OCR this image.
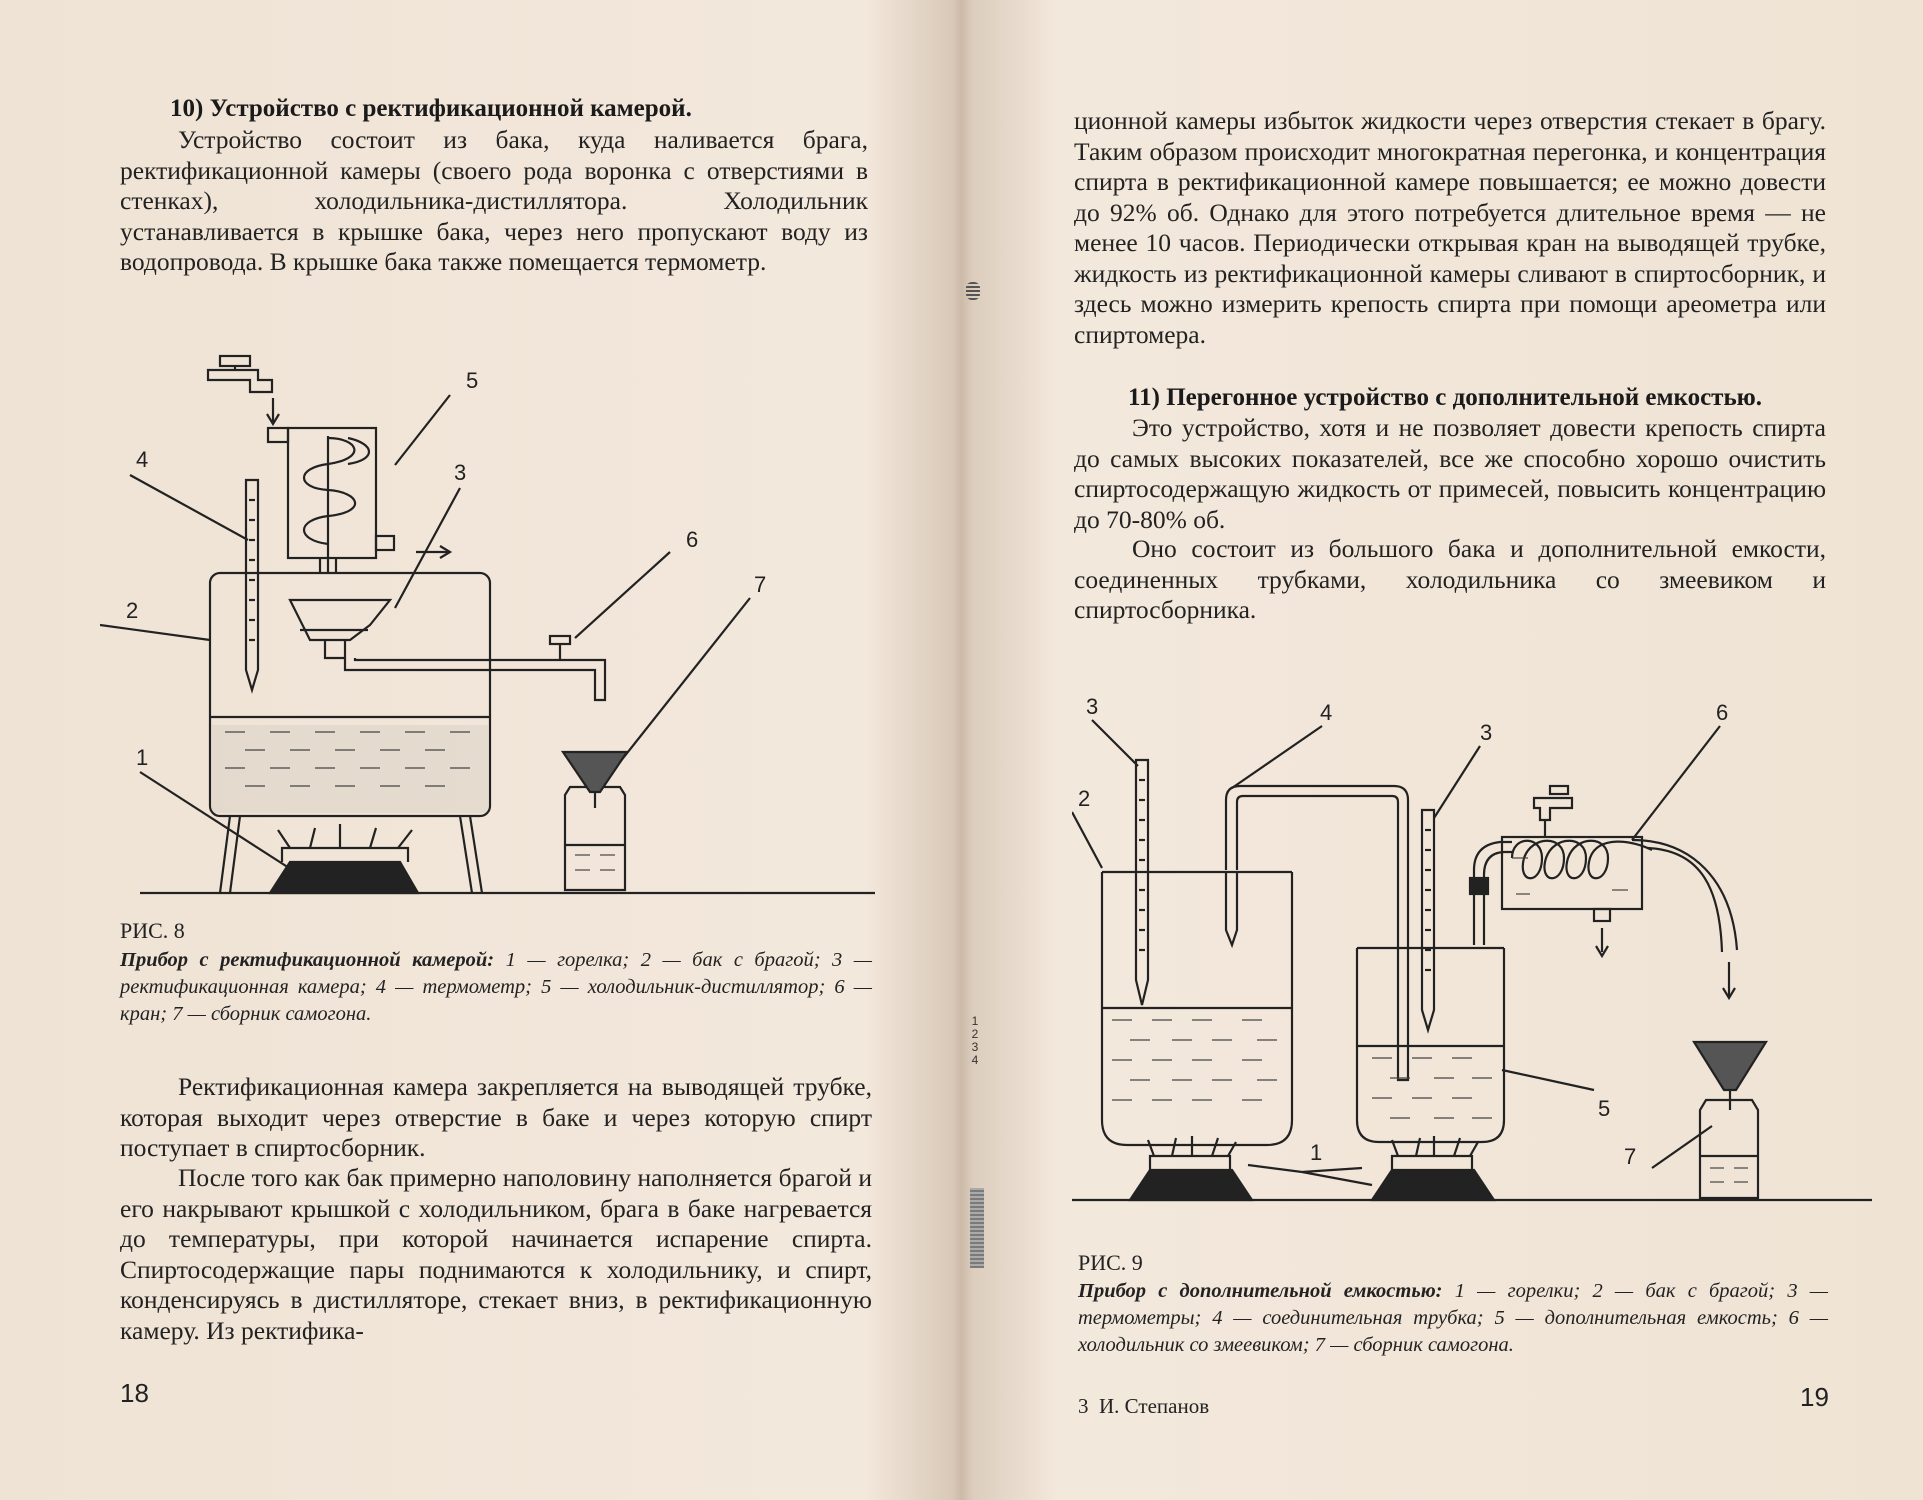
10) Устройство с ректификационной камерой.

Устройство состоит из бака, куда наливается брага, ректификационной камеры (своего рода воронка с отверстиями в стенках), холодильника-дистиллятора. Холодильник устанавливается в крышке бака, через него пропускают воду из водопровода. В крышке бака также помещается термометр.

1
2
3
4
5
6
7
РИС. 8

Прибор с ректификационной камерой: 1 — горелка; 2 — бак с брагой; 3 — ректификационная камера; 4 — термометр; 5 — холодильник-дистиллятор; 6 — кран; 7 — сборник самогона.

Ректификационная камера закрепляется на выводящей трубке, которая выходит через отверстие в баке и через которую спирт поступает в спиртосборник.

После того как бак примерно наполовину наполняется брагой и его накрывают крышкой с холодильником, брага в баке нагревается до температуры, при которой начинается испарение спирта. Спиртосодержащие пары поднимаются к холодильнику, и спирт, конденсируясь в дистилляторе, стекает вниз, в ректификационную камеру. Из ректифика-

18
1
2
3
4

ционной камеры избыток жидкости через отверстия стекает в брагу. Таким образом происходит многократная перегонка, и концентрация спирта в ректификационной камере повышается; ее можно довести до 92% об. Однако для этого потребуется длительное время — не менее 10 часов. Периодически открывая кран на выводящей трубке, жидкость из ректификационной камеры сливают в спиртосборник, и здесь можно измерить крепость спирта при помощи ареометра или спиртомера.

11) Перегонное устройство с дополнительной емкостью.

Это устройство, хотя и не позволяет довести крепость спирта до самых высоких показателей, все же способно хорошо очистить спиртосодержащую жидкость от примесей, повысить концентрацию до 70-80% об.

Оно состоит из большого бака и дополнительной емкости, соединенных трубками, холодильника со змеевиком и спиртосборника.

3
2
4
3
6
5
7
1
РИС. 9

Прибор с дополнительной емкостью: 1 — горелки; 2 — бак с брагой; 3 — термометры; 4 — соединительная трубка; 5 — дополнительная емкость; 6 — холодильник со змеевиком; 7 — сборник самогона.

3  И. Степанов	19
